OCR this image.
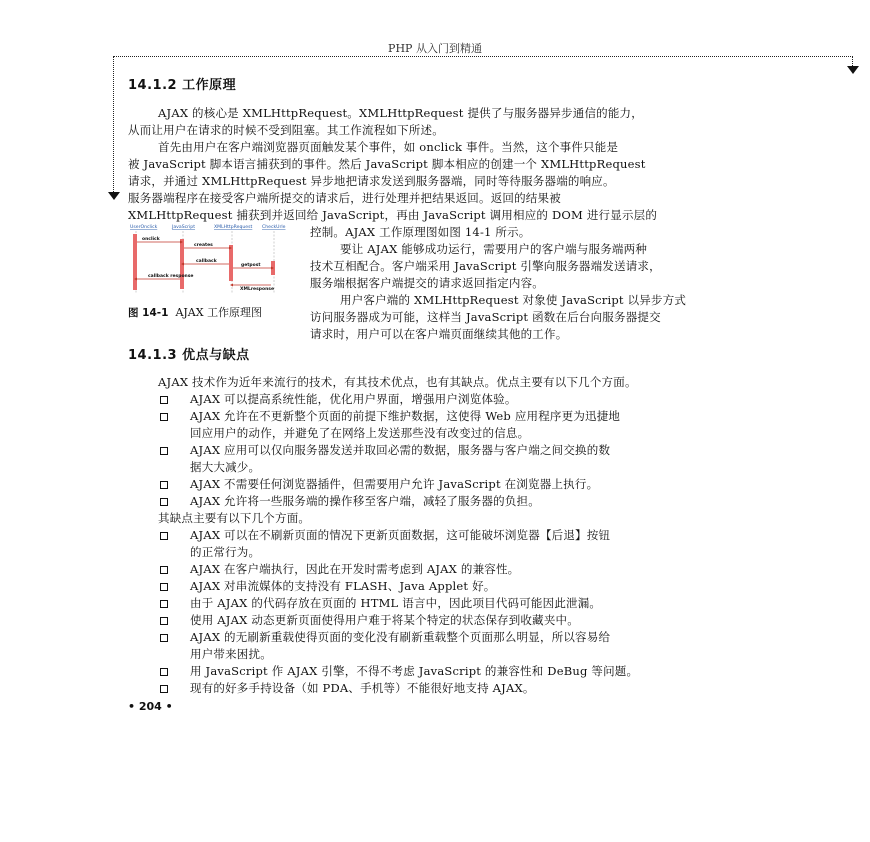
PHP 从入门到精通
14.1.2 工作原理
AJAX 的核心是 XMLHttpRequest。XMLHttpRequest 提供了与服务器异步通信的能力，
从而让用户在请求的时候不受到阻塞。其工作流程如下所述。
首先由用户在客户端浏览器页面触发某个事件，如 onclick 事件。当然，这个事件只能是
被 JavaScript 脚本语言捕获到的事件。然后 JavaScript 脚本相应的创建一个 XMLHttpRequest
请求，并通过 XMLHttpRequest 异步地把请求发送到服务器端，同时等待服务器端的响应。
服务器端程序在接受客户端所提交的请求后，进行处理并把结果返回。返回的结果被
XMLHttpRequest 捕获到并返回给 JavaScript，再由 JavaScript 调用相应的 DOM 进行显示层的
控制。AJAX 工作原理图如图 14-1 所示。
要让 AJAX 能够成功运行，需要用户的客户端与服务端两种
技术互相配合。客户端采用 JavaScript 引擎向服务器端发送请求，
服务端根据客户端提交的请求返回指定内容。
用户客户端的 XMLHttpRequest 对象使 JavaScript 以异步方式
访问服务器成为可能，这样当 JavaScript 函数在后台向服务器提交
请求时，用户可以在客户端页面继续其他的工作。
UserOnclick	JavaScript	XMLHttpRequest CheckUrle
onclick
creates
callback
getpost
callback response
XMLresponse
图 14-1 AJAX 工作原理图
14.1.3 优点与缺点
AJAX 技术作为近年来流行的技术，有其技术优点，也有其缺点。优点主要有以下几个方面。
AJAX 可以提高系统性能，优化用户界面，增强用户浏览体验。
AJAX 允许在不更新整个页面的前提下维护数据，这使得 Web 应用程序更为迅捷地
回应用户的动作，并避免了在网络上发送那些没有改变过的信息。
AJAX 应用可以仅向服务器发送并取回必需的数据，服务器与客户端之间交换的数
据大大减少。
AJAX 不需要任何浏览器插件，但需要用户允许 JavaScript 在浏览器上执行。
AJAX 允许将一些服务端的操作移至客户端，减轻了服务器的负担。
其缺点主要有以下几个方面。
AJAX 可以在不刷新页面的情况下更新页面数据，这可能破坏浏览器【后退】按钮
的正常行为。
AJAX 在客户端执行，因此在开发时需考虑到 AJAX 的兼容性。
AJAX 对串流媒体的支持没有 FLASH、Java Applet 好。
由于 AJAX 的代码存放在页面的 HTML 语言中，因此项目代码可能因此泄漏。
使用 AJAX 动态更新页面使得用户难于将某个特定的状态保存到收藏夹中。
AJAX 的无刷新重载使得页面的变化没有刷新重载整个页面那么明显，所以容易给
用户带来困扰。
用 JavaScript 作 AJAX 引擎，不得不考虑 JavaScript 的兼容性和 DeBug 等问题。
现有的好多手持设备（如 PDA、手机等）不能很好地支持 AJAX。
• 204 •
